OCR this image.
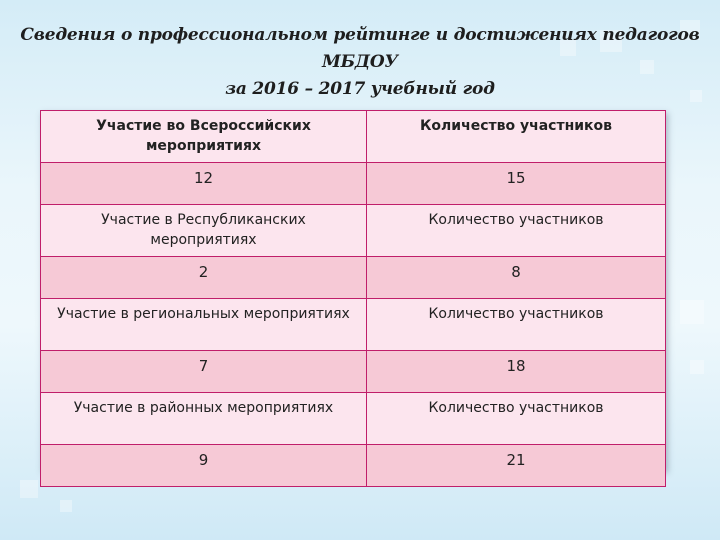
Сведения о профессиональном рейтинге и достижениях педагогов МБДОУ
за 2016 – 2017 учебный год
Участие во Всероссийских мероприятиях	Количество участников
12	15
Участие в Республиканских мероприятиях	Количество участников
2	8
Участие в региональных мероприятиях	Количество участников
7	18
Участие в районных мероприятиях	Количество участников
9	21
